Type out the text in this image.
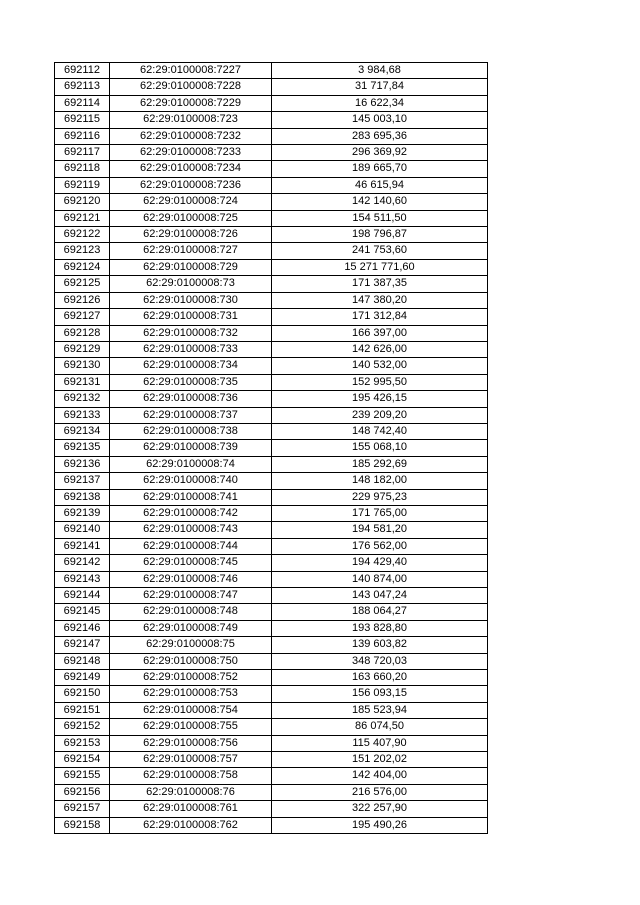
692112	62:29:0100008:7227	3 984,68
692113	62:29:0100008:7228	31 717,84
692114	62:29:0100008:7229	16 622,34
692115	62:29:0100008:723	145 003,10
692116	62:29:0100008:7232	283 695,36
692117	62:29:0100008:7233	296 369,92
692118	62:29:0100008:7234	189 665,70
692119	62:29:0100008:7236	46 615,94
692120	62:29:0100008:724	142 140,60
692121	62:29:0100008:725	154 511,50
692122	62:29:0100008:726	198 796,87
692123	62:29:0100008:727	241 753,60
692124	62:29:0100008:729	15 271 771,60
692125	62:29:0100008:73	171 387,35
692126	62:29:0100008:730	147 380,20
692127	62:29:0100008:731	171 312,84
692128	62:29:0100008:732	166 397,00
692129	62:29:0100008:733	142 626,00
692130	62:29:0100008:734	140 532,00
692131	62:29:0100008:735	152 995,50
692132	62:29:0100008:736	195 426,15
692133	62:29:0100008:737	239 209,20
692134	62:29:0100008:738	148 742,40
692135	62:29:0100008:739	155 068,10
692136	62:29:0100008:74	185 292,69
692137	62:29:0100008:740	148 182,00
692138	62:29:0100008:741	229 975,23
692139	62:29:0100008:742	171 765,00
692140	62:29:0100008:743	194 581,20
692141	62:29:0100008:744	176 562,00
692142	62:29:0100008:745	194 429,40
692143	62:29:0100008:746	140 874,00
692144	62:29:0100008:747	143 047,24
692145	62:29:0100008:748	188 064,27
692146	62:29:0100008:749	193 828,80
692147	62:29:0100008:75	139 603,82
692148	62:29:0100008:750	348 720,03
692149	62:29:0100008:752	163 660,20
692150	62:29:0100008:753	156 093,15
692151	62:29:0100008:754	185 523,94
692152	62:29:0100008:755	86 074,50
692153	62:29:0100008:756	115 407,90
692154	62:29:0100008:757	151 202,02
692155	62:29:0100008:758	142 404,00
692156	62:29:0100008:76	216 576,00
692157	62:29:0100008:761	322 257,90
692158	62:29:0100008:762	195 490,26
